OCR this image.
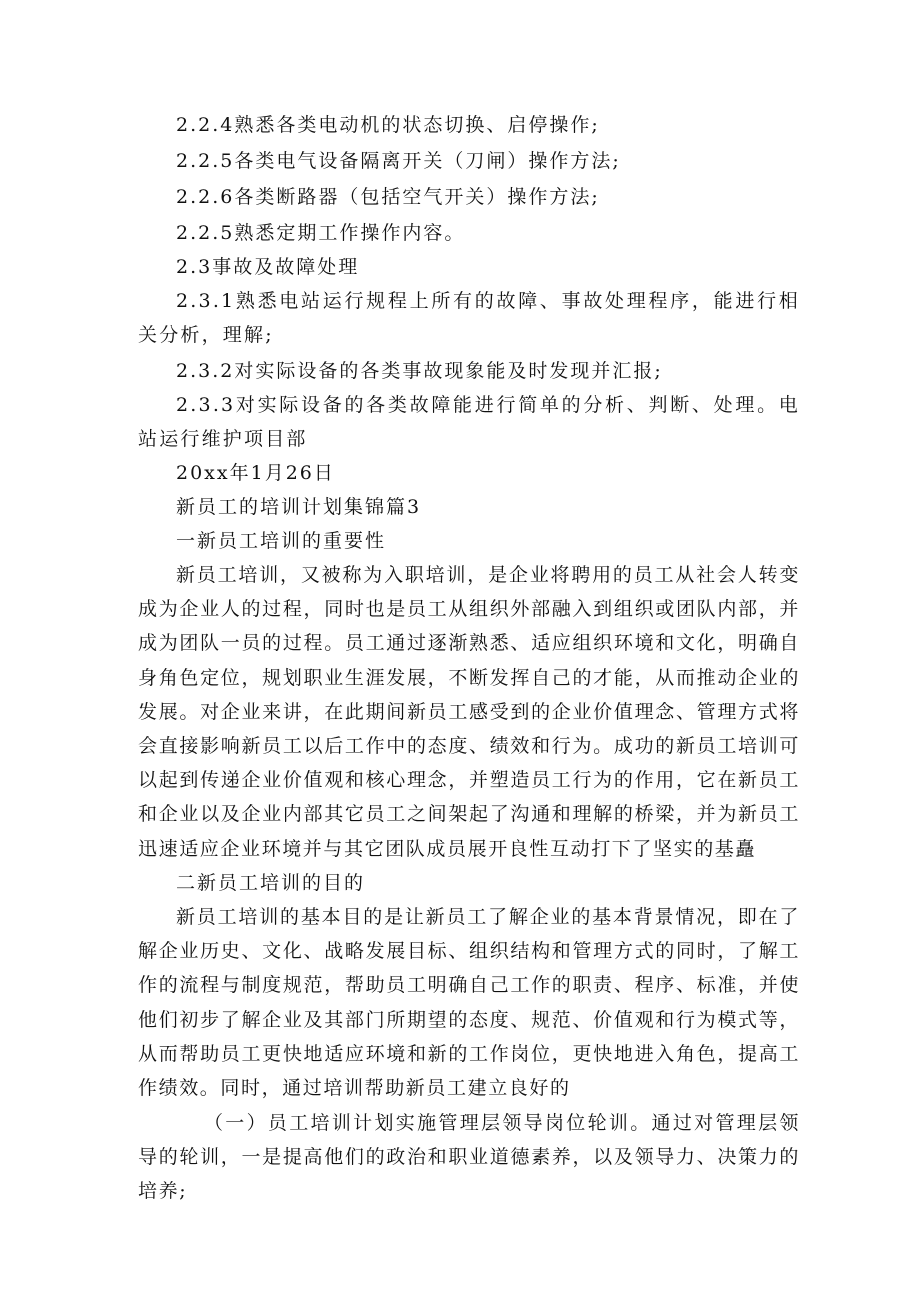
2.2.4熟悉各类电动机的状态切换、启停操作;
2.2.5各类电气设备隔离开关（刀闸）操作方法;
2.2.6各类断路器（包括空气开关）操作方法;
2.2.5熟悉定期工作操作内容。
2.3事故及故障处理
2.3.1熟悉电站运行规程上所有的故障、事故处理程序，能进行相关分析，理解;
2.3.2对实际设备的各类事故现象能及时发现并汇报;
2.3.3对实际设备的各类故障能进行简单的分析、判断、处理。电站运行维护项目部
20xx年1月26日
新员工的培训计划集锦篇3
一新员工培训的重要性
新员工培训，又被称为入职培训，是企业将聘用的员工从社会人转变成为企业人的过程，同时也是员工从组织外部融入到组织或团队内部，并成为团队一员的过程。员工通过逐渐熟悉、适应组织环境和文化，明确自身角色定位，规划职业生涯发展，不断发挥自己的才能，从而推动企业的发展。对企业来讲，在此期间新员工感受到的企业价值理念、管理方式将会直接影响新员工以后工作中的态度、绩效和行为。成功的新员工培训可以起到传递企业价值观和核心理念，并塑造员工行为的作用，它在新员工和企业以及企业内部其它员工之间架起了沟通和理解的桥梁，并为新员工迅速适应企业环境并与其它团队成员展开良性互动打下了坚实的基矗
二新员工培训的目的
新员工培训的基本目的是让新员工了解企业的基本背景情况，即在了解企业历史、文化、战略发展目标、组织结构和管理方式的同时，了解工作的流程与制度规范，帮助员工明确自己工作的职责、程序、标准，并使他们初步了解企业及其部门所期望的态度、规范、价值观和行为模式等，从而帮助员工更快地适应环境和新的工作岗位，更快地进入角色，提高工作绩效。同时，通过培训帮助新员工建立良好的
（一）员工培训计划实施管理层领导岗位轮训。通过对管理层领导的轮训，一是提高他们的政治和职业道德素养，以及领导力、决策力的培养;
